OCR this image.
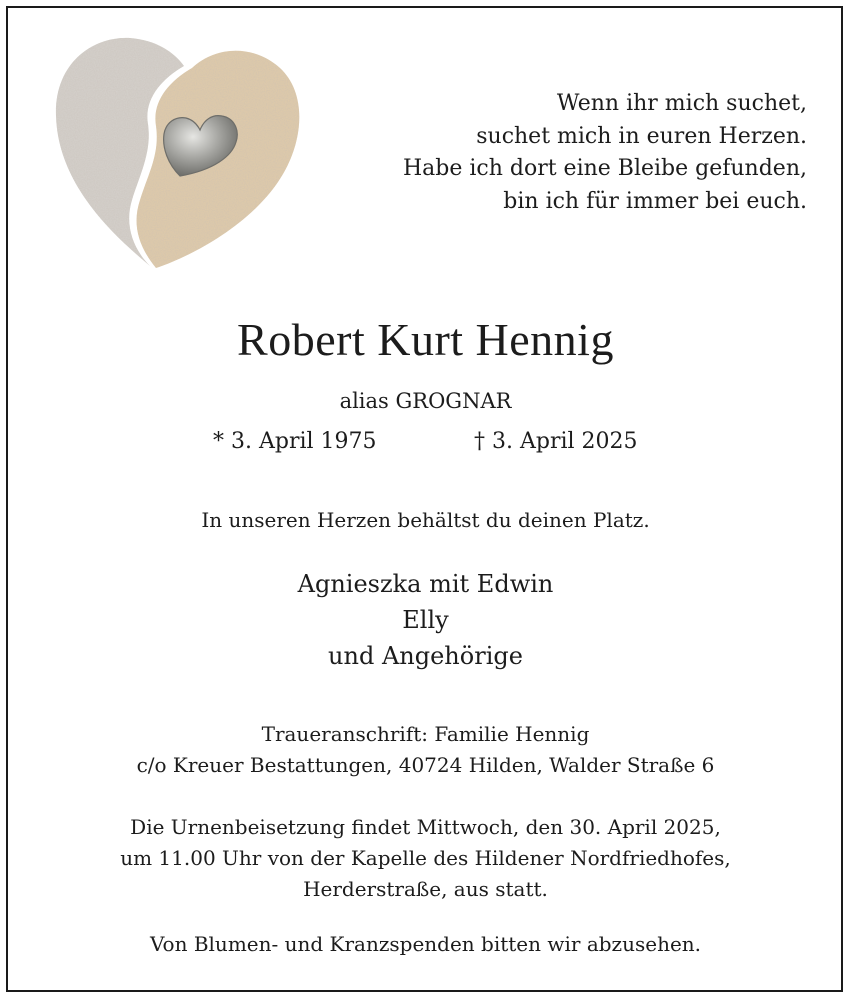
Wenn ihr mich suchet,
suchet mich in euren Herzen.
Habe ich dort eine Bleibe gefunden,
bin ich für immer bei euch.
Robert Kurt Hennig
alias GROGNAR
* 3. April 1975	† 3. April 2025
In unseren Herzen behältst du deinen Platz.
Agnieszka mit Edwin
Elly
und Angehörige
Traueranschrift: Familie Hennig
c/o Kreuer Bestattungen, 40724 Hilden, Walder Straße 6
Die Urnenbeisetzung findet Mittwoch, den 30. April 2025,
um 11.00 Uhr von der Kapelle des Hildener Nordfriedhofes,
Herderstraße, aus statt.
Von Blumen- und Kranzspenden bitten wir abzusehen.
